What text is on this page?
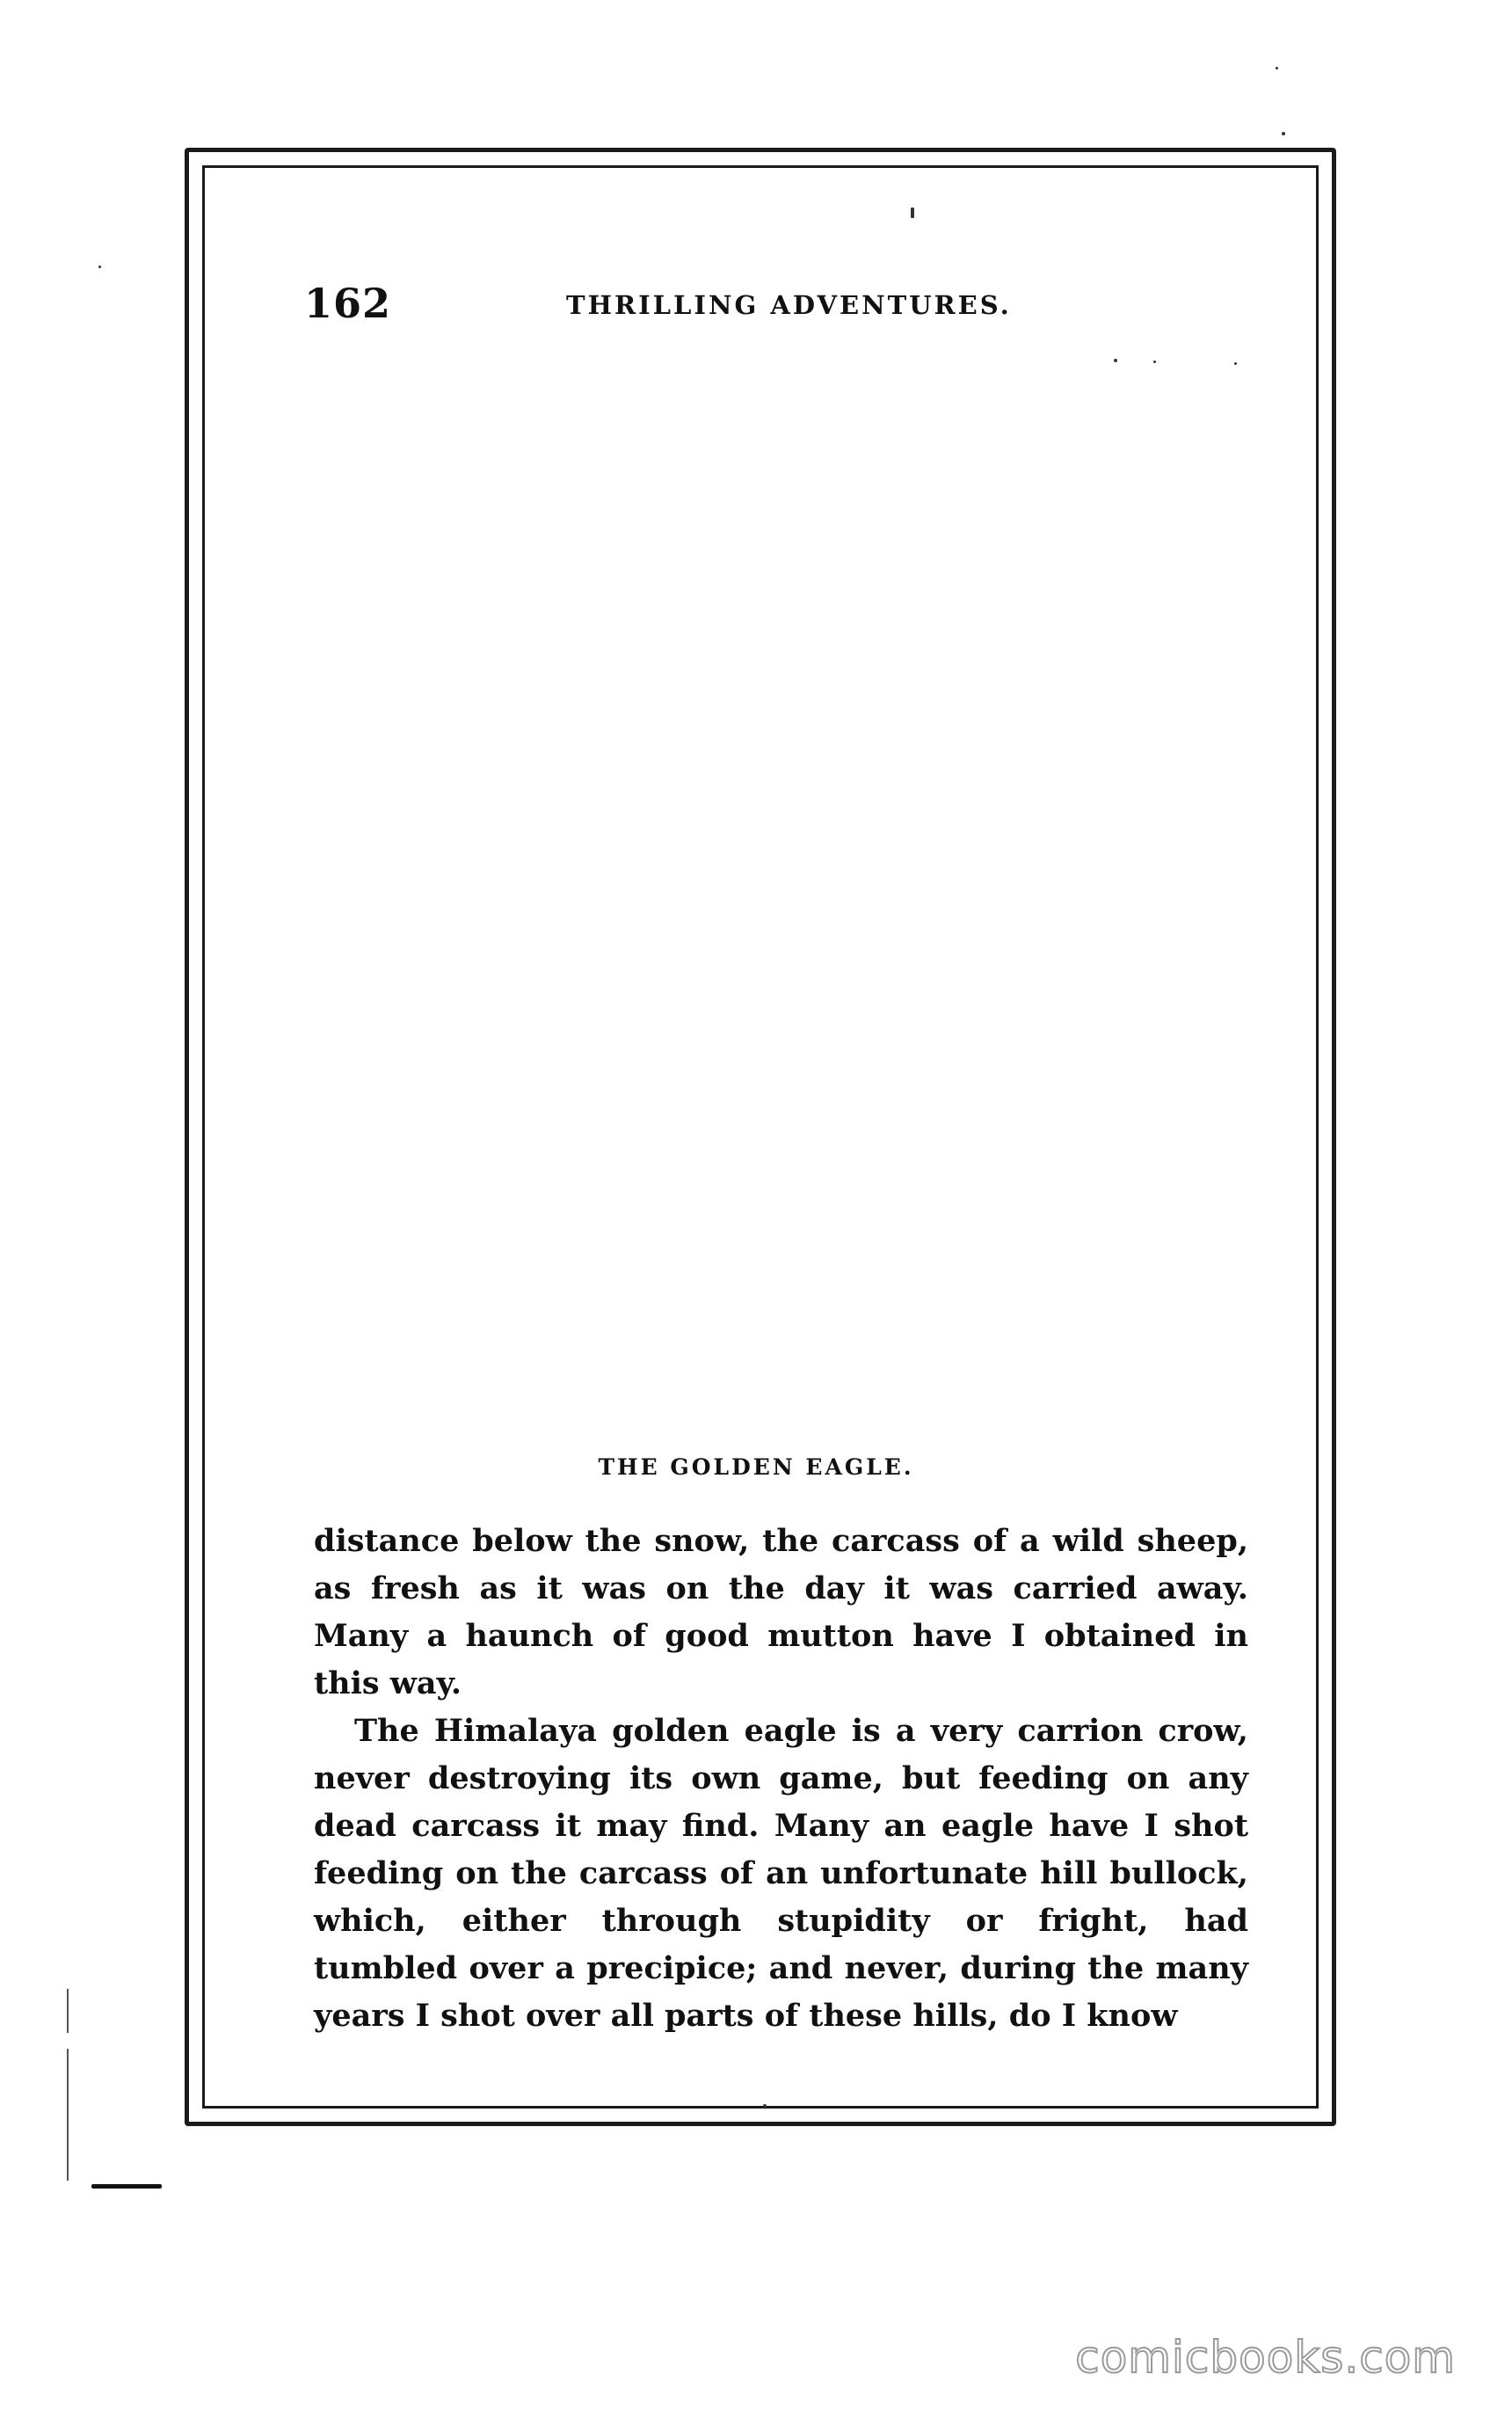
162	THRILLING ADVENTURES.
THE GOLDEN EAGLE.

distance below the snow, the carcass of a wild sheep, as fresh as it was on the day it was carried away. Many a haunch of good mutton have I obtained in this way.

The Himalaya golden eagle is a very carrion crow, never destroying its own game, but feeding on any dead carcass it may find. Many an eagle have I shot feeding on the carcass of an unfortunate hill bullock, which, either through stupidity or fright, had tumbled over a precipice; and never, during the many years I shot over all parts of these hills, do I know

comicbooks.com
